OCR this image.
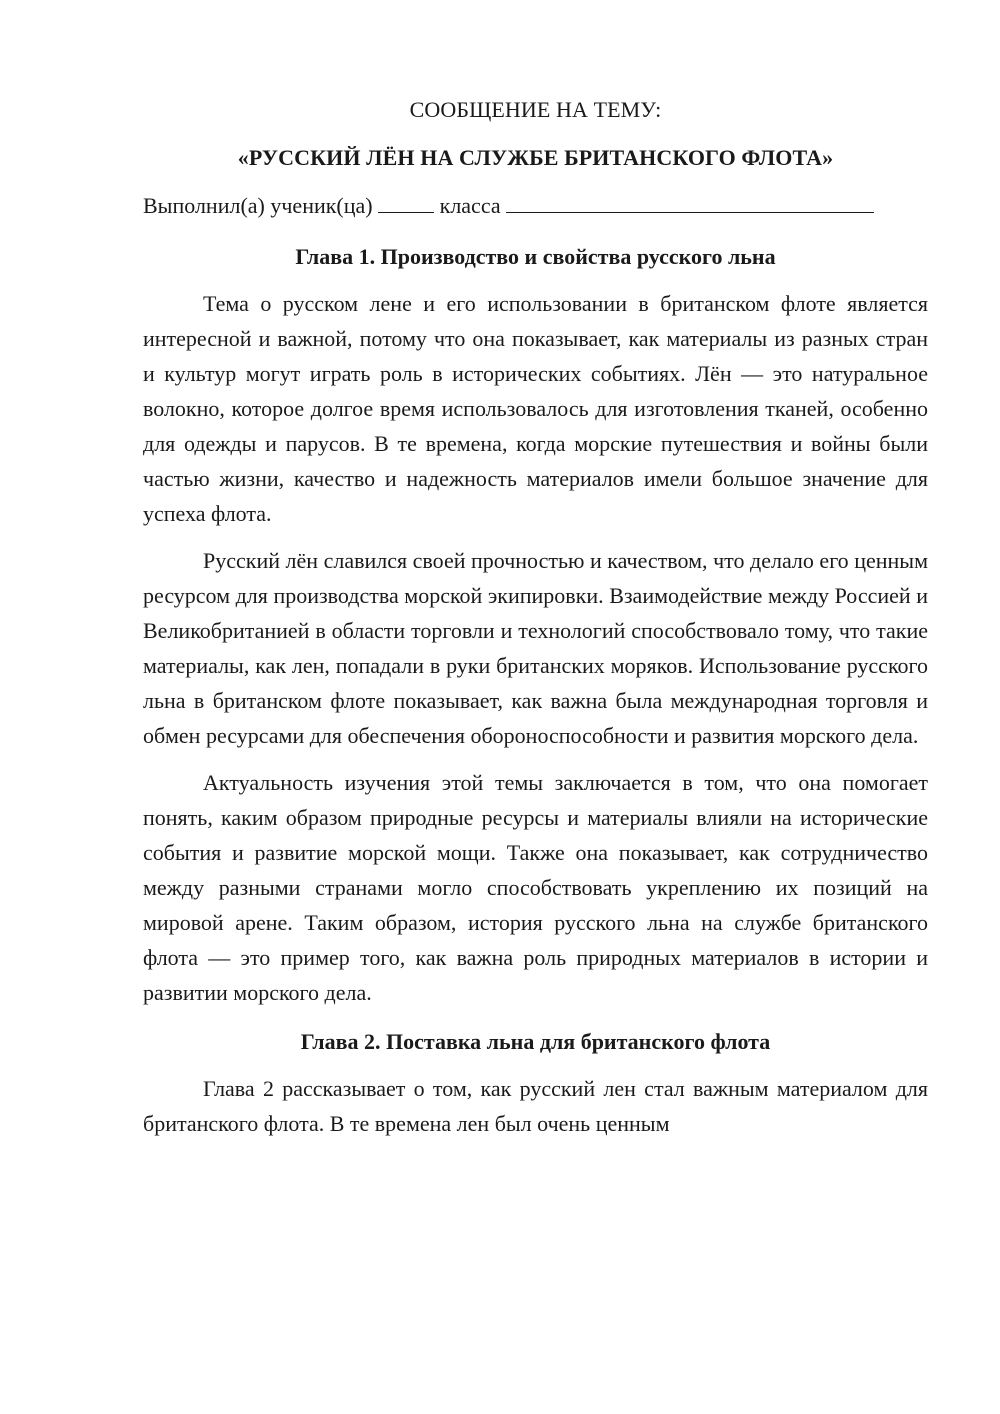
СООБЩЕНИЕ НА ТЕМУ:

«РУССКИЙ ЛЁН НА СЛУЖБЕ БРИТАНСКОГО ФЛОТА»

Выполнил(а) ученик(ца)	класса

Глава 1. Производство и свойства русского льна

Тема о русском лене и его использовании в британском флоте является интересной и важной, потому что она показывает, как материалы из разных стран и культур могут играть роль в исторических событиях. Лён — это натуральное волокно, которое долгое время использовалось для изготовления тканей, особенно для одежды и парусов. В те времена, когда морские путешествия и войны были частью жизни, качество и надежность материалов имели большое значение для успеха флота.

Русский лён славился своей прочностью и качеством, что делало его ценным ресурсом для производства морской экипировки. Взаимодействие между Россией и Великобританией в области торговли и технологий способствовало тому, что такие материалы, как лен, попадали в руки британских моряков. Использование русского льна в британском флоте показывает, как важна была международная торговля и обмен ресурсами для обеспечения обороноспособности и развития морского дела.

Актуальность изучения этой темы заключается в том, что она помогает понять, каким образом природные ресурсы и материалы влияли на исторические события и развитие морской мощи. Также она показывает, как сотрудничество между разными странами могло способствовать укреплению их позиций на мировой арене. Таким образом, история русского льна на службе британского флота — это пример того, как важна роль природных материалов в истории и развитии морского дела.

Глава 2. Поставка льна для британского флота

Глава 2 рассказывает о том, как русский лен стал важным материалом для британского флота. В те времена лен был очень ценным
